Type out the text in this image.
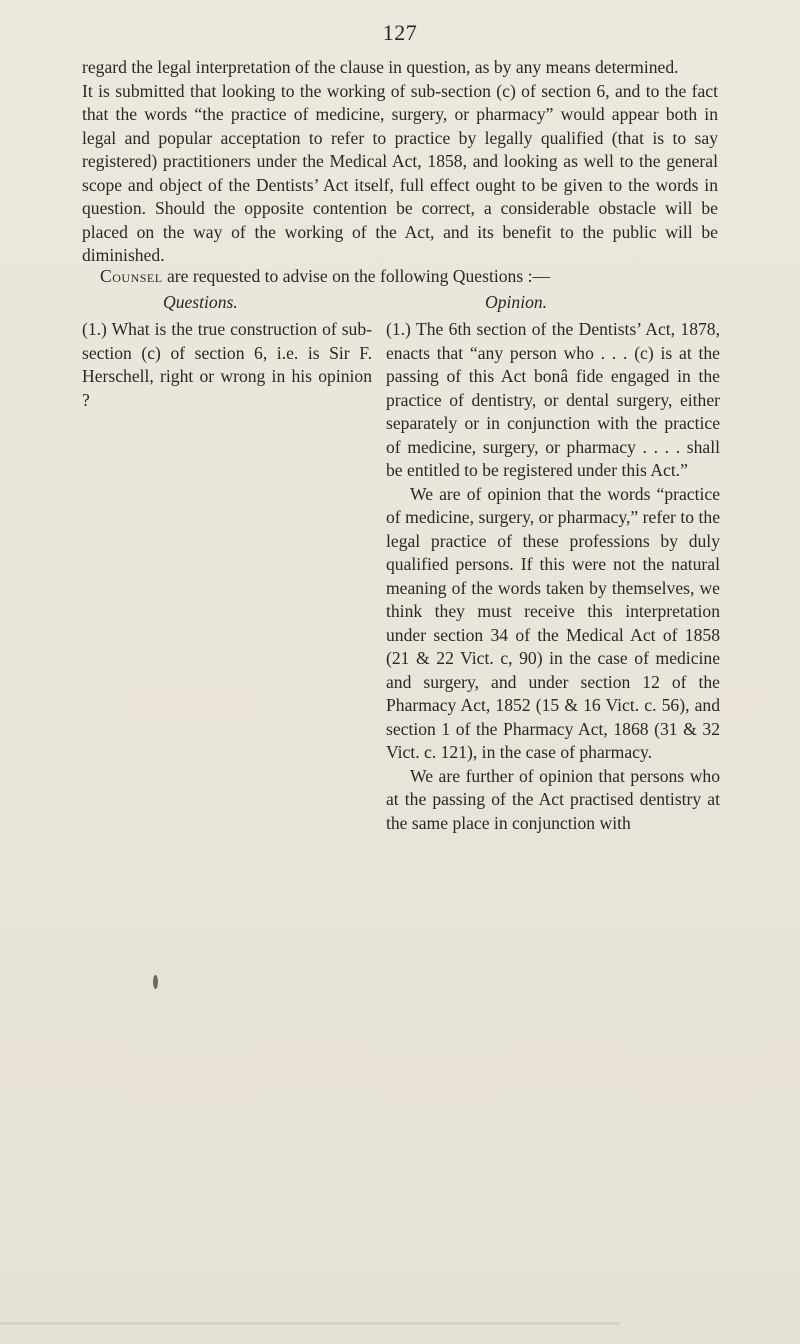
127

regard the legal interpretation of the clause in question, as by any means determined.

It is submitted that looking to the working of sub-section (c) of section 6, and to the fact that the words “the practice of medicine, surgery, or pharmacy” would appear both in legal and popular acceptation to refer to practice by legally qualified (that is to say registered) practitioners under the Medical Act, 1858, and looking as well to the general scope and object of the Dentists’ Act itself, full effect ought to be given to the words in question. Should the opposite contention be correct, a considerable obstacle will be placed on the way of the working of the Act, and its benefit to the public will be diminished.

Counsel are requested to advise on the following Questions :—
Questions.	Opinion.
(1.) What is the true construction of sub-section (c) of section 6, i.e. is Sir F. Herschell, right or wrong in his opinion ?

(1.) The 6th section of the Dentists’ Act, 1878, enacts that “any person who . . . (c) is at the passing of this Act bonâ fide engaged in the practice of dentistry, or dental surgery, either separately or in conjunction with the practice of medicine, surgery, or pharmacy . . . . shall be entitled to be registered under this Act.”

We are of opinion that the words “practice of medicine, surgery, or pharmacy,” refer to the legal practice of these professions by duly qualified persons. If this were not the natural meaning of the words taken by themselves, we think they must receive this interpretation under section 34 of the Medical Act of 1858 (21 & 22 Vict. c, 90) in the case of medicine and surgery, and under section 12 of the Pharmacy Act, 1852 (15 & 16 Vict. c. 56), and section 1 of the Pharmacy Act, 1868 (31 & 32 Vict. c. 121), in the case of pharmacy.

We are further of opinion that persons who at the passing of the Act practised dentistry at the same place in conjunction with
